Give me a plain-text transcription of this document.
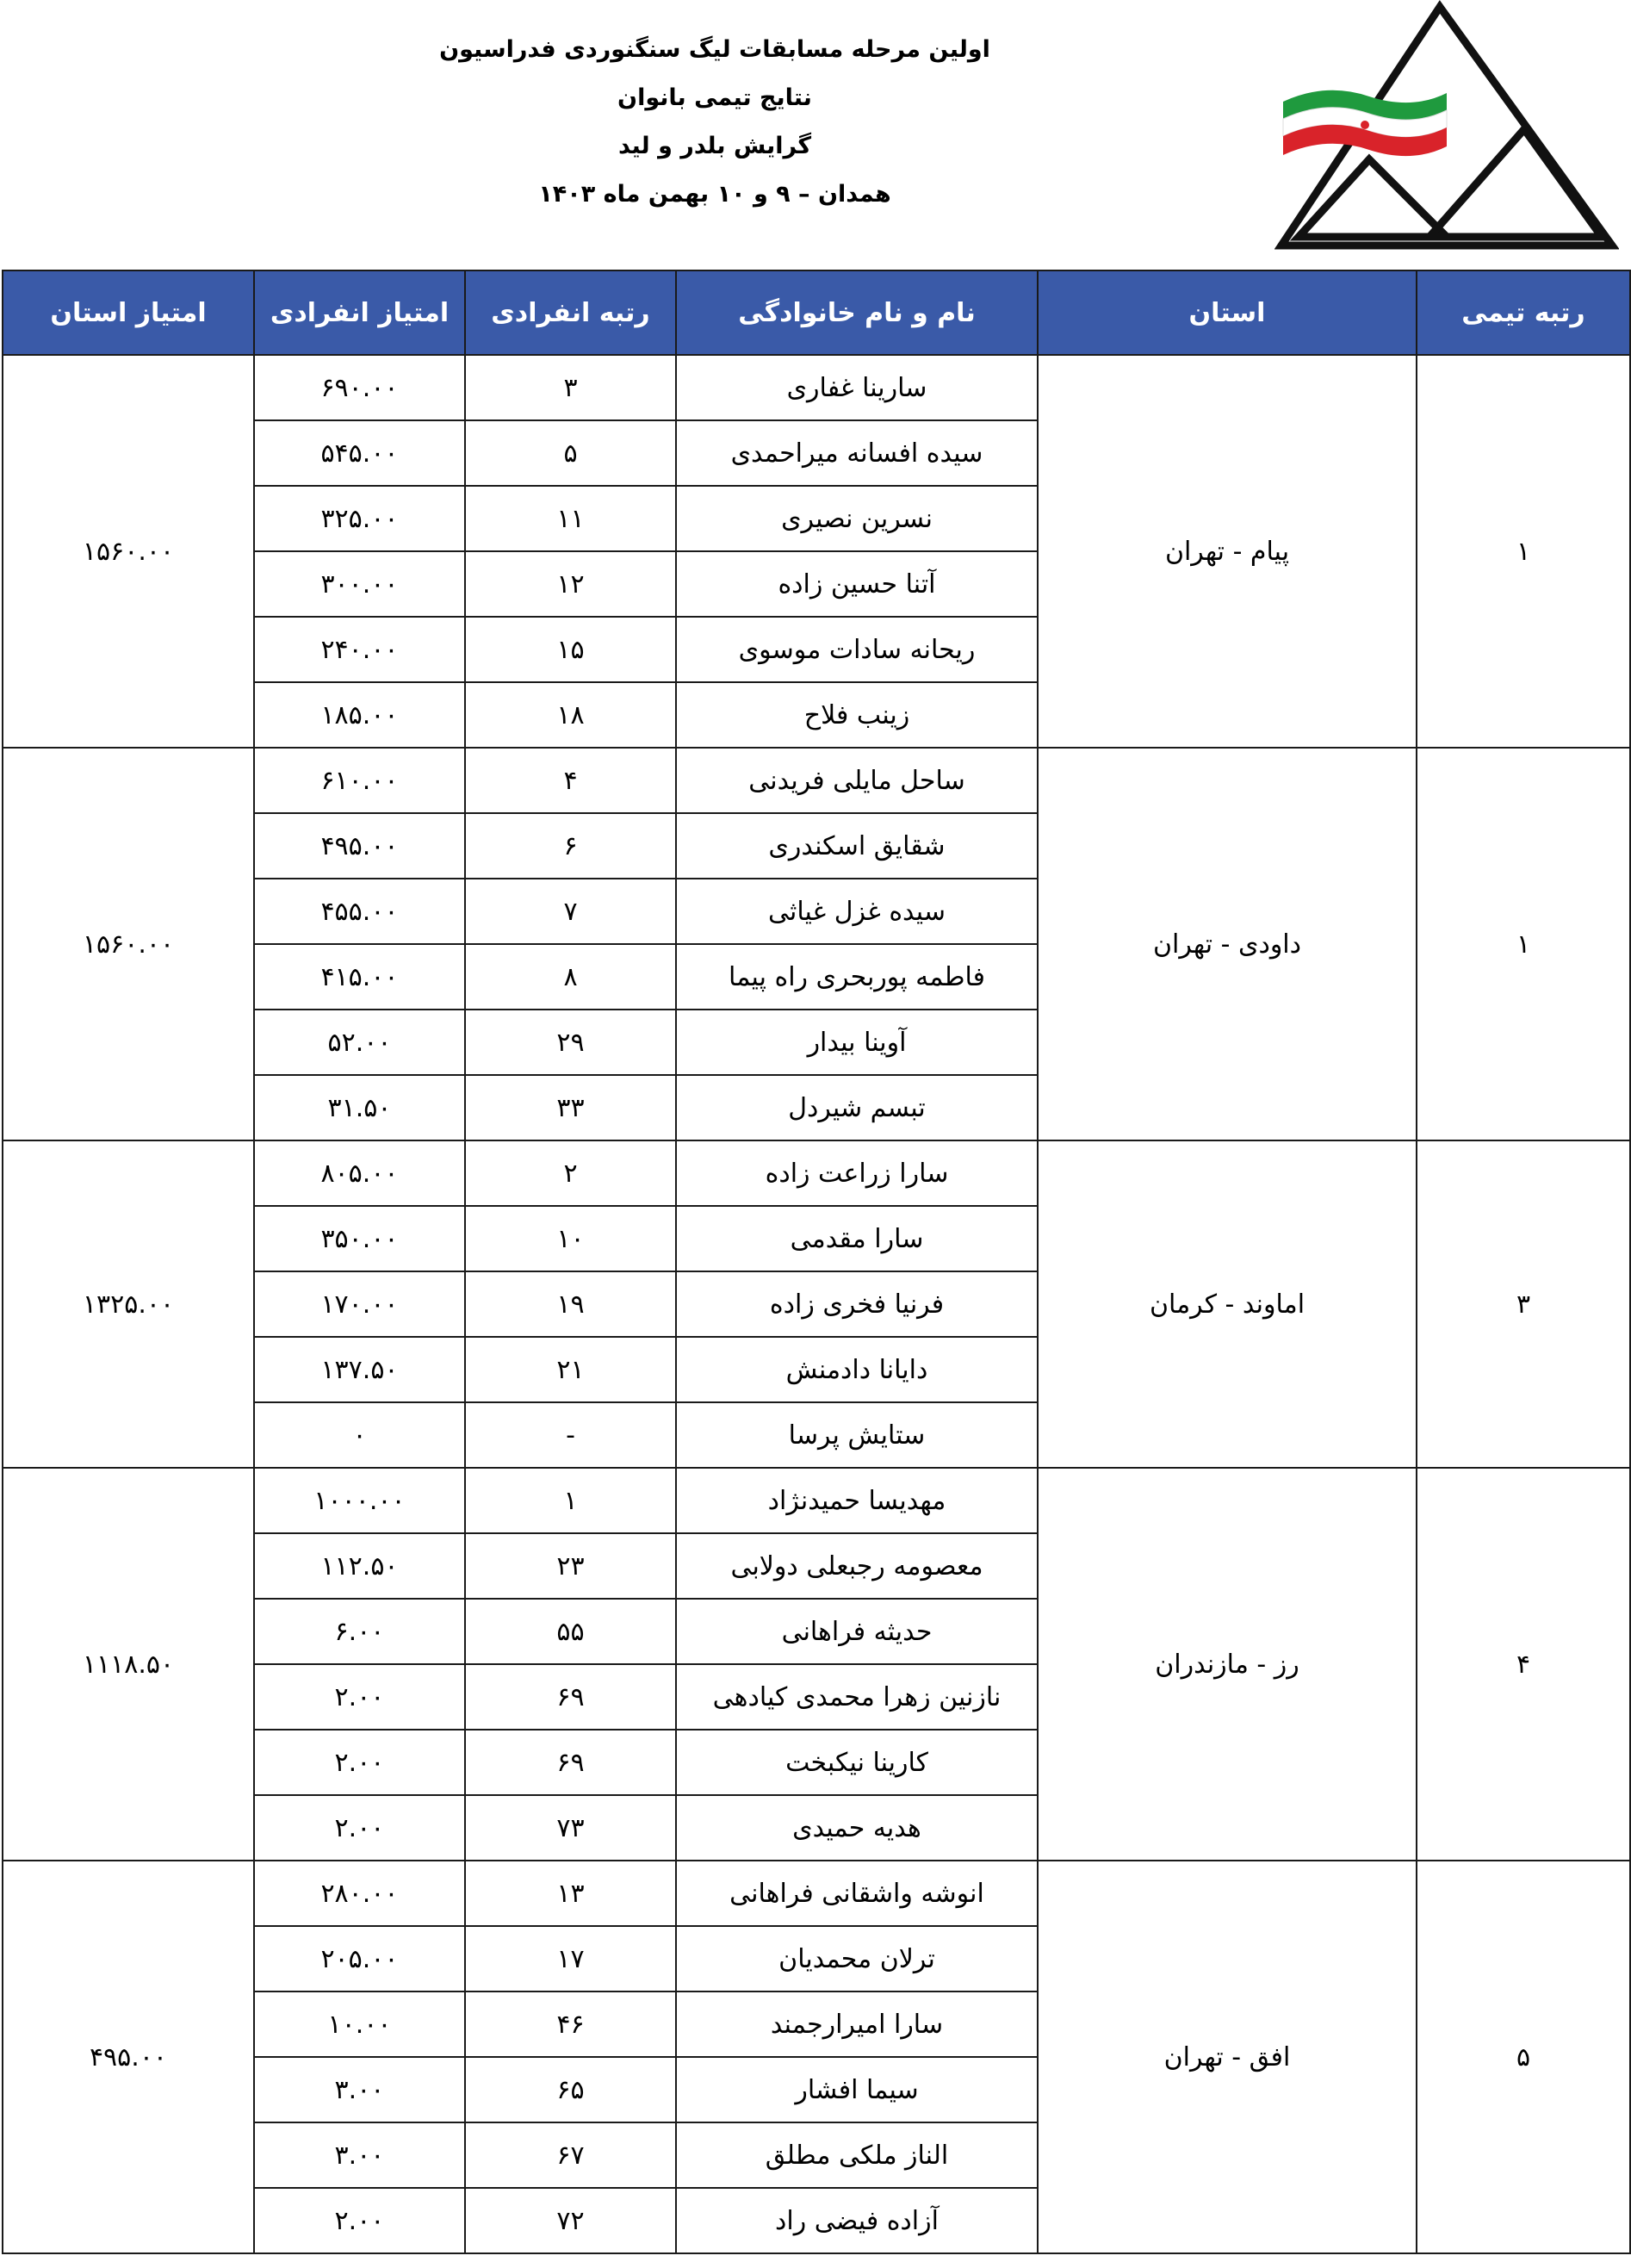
اولین مرحله مسابقات لیگ سنگنوردی فدراسیون
نتایج تیمی بانوان
گرایش بلدر و لید
همدان – ۹ و ۱۰ بهمن ماه ۱۴۰۳
رتبه تیمی	استان	نام و نام خانوادگی	رتبه انفرادی	امتیاز انفرادی	امتیاز استان
۱	پیام - تهران	سارینا غفاری	۳	۶۹۰.۰۰	۱۵۶۰.۰۰
		سیده افسانه میراحمدی	۵	۵۴۵.۰۰	
		نسرین نصیری	۱۱	۳۲۵.۰۰	
		آتنا حسین زاده	۱۲	۳۰۰.۰۰	
		ریحانه سادات موسوی	۱۵	۲۴۰.۰۰	
		زینب فلاح	۱۸	۱۸۵.۰۰	
۱	داودی - تهران	ساحل مایلی فریدنی	۴	۶۱۰.۰۰	۱۵۶۰.۰۰
		شقایق اسکندری	۶	۴۹۵.۰۰	
		سیده غزل غیاثی	۷	۴۵۵.۰۰	
		فاطمه پوربحری راه پیما	۸	۴۱۵.۰۰	
		آوینا بیدار	۲۹	۵۲.۰۰	
		تبسم شیردل	۳۳	۳۱.۵۰	
۳	اماوند - کرمان	سارا زراعت زاده	۲	۸۰۵.۰۰	۱۳۲۵.۰۰
		سارا مقدمی	۱۰	۳۵۰.۰۰	
		فرنیا فخری زاده	۱۹	۱۷۰.۰۰	
		دایانا دادمنش	۲۱	۱۳۷.۵۰	
		ستایش پرسا	-	۰	
۴	رز - مازندران	مهدیسا حمیدنژاد	۱	۱۰۰۰.۰۰	۱۱۱۸.۵۰
		معصومه رجبعلی دولابی	۲۳	۱۱۲.۵۰	
		حدیثه فراهانی	۵۵	۶.۰۰	
		نازنین زهرا محمدی کیادهی	۶۹	۲.۰۰	
		کارینا نیکبخت	۶۹	۲.۰۰	
		هدیه حمیدی	۷۳	۲.۰۰	
۵	افق - تهران	انوشه واشقانی فراهانی	۱۳	۲۸۰.۰۰	۴۹۵.۰۰
		ترلان محمدیان	۱۷	۲۰۵.۰۰	
		سارا امیرارجمند	۴۶	۱۰.۰۰	
		سیما افشار	۶۵	۳.۰۰	
		الناز ملکی مطلق	۶۷	۳.۰۰	
		آزاده فیضی راد	۷۲	۲.۰۰	
